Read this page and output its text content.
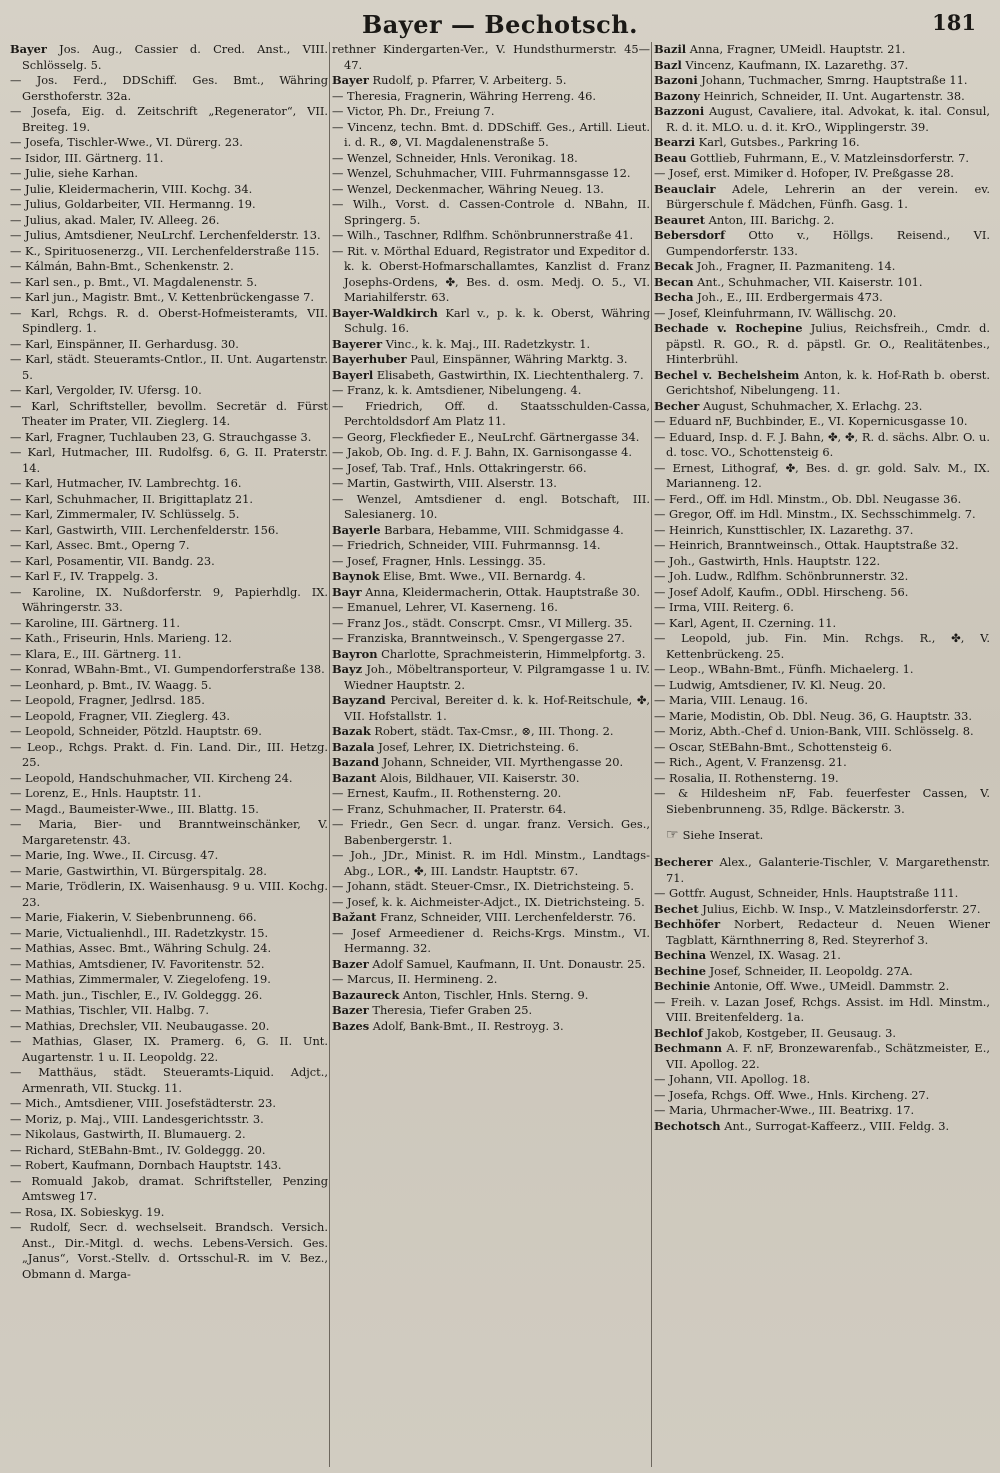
Bayer — Bechotsch.	181

Bayer Jos. Aug., Cassier d. Cred. Anst., VIII. Schlösselg. 5.

— Jos. Ferd., DDSchiff. Ges. Bmt., Währing Gersthoferstr. 32a.

— Josefa, Eig. d. Zeitschrift „Regenerator“, VII. Breiteg. 19.

— Josefa, Tischler-Wwe., VI. Dürerg. 23.

— Isidor, III. Gärtnerg. 11.

— Julie, siehe Karhan.

— Julie, Kleidermacherin, VIII. Kochg. 34.

— Julius, Goldarbeiter, VII. Hermanng. 19.

— Julius, akad. Maler, IV. Alleeg. 26.

— Julius, Amtsdiener, NeuLrchf. Lerchenfelderstr. 13.

— K., Spirituosenerzg., VII. Lerchenfelderstraße 115.

— Kálmán, Bahn-Bmt., Schenkenstr. 2.

— Karl sen., p. Bmt., VI. Magdalenenstr. 5.

— Karl jun., Magistr. Bmt., V. Kettenbrückengasse 7.

— Karl, Rchgs. R. d. Oberst-Hofmeisteramts, VII. Spindlerg. 1.

— Karl, Einspänner, II. Gerhardusg. 30.

— Karl, städt. Steueramts-Cntlor., II. Unt. Augartenstr. 5.

— Karl, Vergolder, IV. Ufersg. 10.

— Karl, Schriftsteller, bevollm. Secretär d. Fürst Theater im Prater, VII. Zieglerg. 14.

— Karl, Fragner, Tuchlauben 23, G. Strauchgasse 3.

— Karl, Hutmacher, III. Rudolfsg. 6, G. II. Praterstr. 14.

— Karl, Hutmacher, IV. Lambrechtg. 16.

— Karl, Schuhmacher, II. Brigittaplatz 21.

— Karl, Zimmermaler, IV. Schlüsselg. 5.

— Karl, Gastwirth, VIII. Lerchenfelderstr. 156.

— Karl, Assec. Bmt., Operng 7.

— Karl, Posamentir, VII. Bandg. 23.

— Karl F., IV. Trappelg. 3.

— Karoline, IX. Nußdorferstr. 9, Papierhdlg. IX. Währingerstr. 33.

— Karoline, III. Gärtnerg. 11.

— Kath., Friseurin, Hnls. Marieng. 12.

— Klara, E., III. Gärtnerg. 11.

— Konrad, WBahn-Bmt., VI. Gumpendorferstraße 138.

— Leonhard, p. Bmt., IV. Waagg. 5.

— Leopold, Fragner, Jedlrsd. 185.

— Leopold, Fragner, VII. Zieglerg. 43.

— Leopold, Schneider, Pötzld. Hauptstr. 69.

— Leop., Rchgs. Prakt. d. Fin. Land. Dir., III. Hetzg. 25.

— Leopold, Handschuhmacher, VII. Kircheng 24.

— Lorenz, E., Hnls. Hauptstr. 11.

— Magd., Baumeister-Wwe., III. Blattg. 15.

— Maria, Bier- und Branntweinschänker, V. Margaretenstr. 43.

— Marie, Ing. Wwe., II. Circusg. 47.

— Marie, Gastwirthin, VI. Bürgerspitalg. 28.

— Marie, Trödlerin, IX. Waisenhausg. 9 u. VIII. Kochg. 23.

— Marie, Fiakerin, V. Siebenbrunneng. 66.

— Marie, Victualienhdl., III. Radetzkystr. 15.

— Mathias, Assec. Bmt., Währing Schulg. 24.

— Mathias, Amtsdiener, IV. Favoritenstr. 52.

— Mathias, Zimmermaler, V. Ziegelofeng. 19.

— Math. jun., Tischler, E., IV. Goldeggg. 26.

— Mathias, Tischler, VII. Halbg. 7.

— Mathias, Drechsler, VII. Neubaugasse. 20.

— Mathias, Glaser, IX. Pramerg. 6, G. II. Unt. Augartenstr. 1 u. II. Leopoldg. 22.

— Matthäus, städt. Steueramts-Liquid. Adjct., Armenrath, VII. Stuckg. 11.

— Mich., Amtsdiener, VIII. Josefstädterstr. 23.

— Moriz, p. Maj., VIII. Landesgerichtsstr. 3.

— Nikolaus, Gastwirth, II. Blumauerg. 2.

— Richard, StEBahn-Bmt., IV. Goldeggg. 20.

— Robert, Kaufmann, Dornbach Hauptstr. 143.

— Romuald Jakob, dramat. Schriftsteller, Penzing Amtsweg 17.

— Rosa, IX. Sobieskyg. 19.

— Rudolf, Secr. d. wechselseit. Brandsch. Versich. Anst., Dir.-Mitgl. d. wechs. Lebens-Versich. Ges. „Janus“, Vorst.-Stellv. d. Ortsschul-R. im V. Bez., Obmann d. Marga-

rethner Kindergarten-Ver., V. Hundsthurmerstr. 45—47.

Bayer Rudolf, p. Pfarrer, V. Arbeiterg. 5.

— Theresia, Fragnerin, Währing Herreng. 46.

— Victor, Ph. Dr., Freiung 7.

— Vincenz, techn. Bmt. d. DDSchiff. Ges., Artill. Lieut. i. d. R., ⊗, VI. Magdalenenstraße 5.

— Wenzel, Schneider, Hnls. Veronikag. 18.

— Wenzel, Schuhmacher, VIII. Fuhrmannsgasse 12.

— Wenzel, Deckenmacher, Währing Neueg. 13.

— Wilh., Vorst. d. Cassen-Controle d. NBahn, II. Springerg. 5.

— Wilh., Taschner, Rdlfhm. Schönbrunnerstraße 41.

— Rit. v. Mörthal Eduard, Registrator und Expeditor d. k. k. Oberst-Hofmarschallamtes, Kanzlist d. Franz Josephs-Ordens, ✤, Bes. d. osm. Medj. O. 5., VI. Mariahilferstr. 63.

Bayer-Waldkirch Karl v., p. k. k. Oberst, Währing Schulg. 16.

Bayerer Vinc., k. k. Maj., III. Radetzkystr. 1.

Bayerhuber Paul, Einspänner, Währing Marktg. 3.

Bayerl Elisabeth, Gastwirthin, IX. Liechtenthalerg. 7.

— Franz, k. k. Amtsdiener, Nibelungeng. 4.

— Friedrich, Off. d. Staatsschulden-Cassa, Perchtoldsdorf Am Platz 11.

— Georg, Fleckfieder E., NeuLrchf. Gärtnergasse 34.

— Jakob, Ob. Ing. d. F. J. Bahn, IX. Garnisongasse 4.

— Josef, Tab. Traf., Hnls. Ottakringerstr. 66.

— Martin, Gastwirth, VIII. Alserstr. 13.

— Wenzel, Amtsdiener d. engl. Botschaft, III. Salesianerg. 10.

Bayerle Barbara, Hebamme, VIII. Schmidgasse 4.

— Friedrich, Schneider, VIII. Fuhrmannsg. 14.

— Josef, Fragner, Hnls. Lessingg. 35.

Baynok Elise, Bmt. Wwe., VII. Bernardg. 4.

Bayr Anna, Kleidermacherin, Ottak. Hauptstraße 30.

— Emanuel, Lehrer, VI. Kaserneng. 16.

— Franz Jos., städt. Conscrpt. Cmsr., VI Millerg. 35.

— Franziska, Branntweinsch., V. Spengergasse 27.

Bayron Charlotte, Sprachmeisterin, Himmelpfortg. 3.

Bayz Joh., Möbeltransporteur, V. Pilgramgasse 1 u. IV. Wiedner Hauptstr. 2.

Bayzand Percival, Bereiter d. k. k. Hof-Reitschule, ✤, VII. Hofstallstr. 1.

Bazak Robert, städt. Tax-Cmsr., ⊗, III. Thong. 2.

Bazala Josef, Lehrer, IX. Dietrichsteing. 6.

Bazand Johann, Schneider, VII. Myrthengasse 20.

Bazant Alois, Bildhauer, VII. Kaiserstr. 30.

— Ernest, Kaufm., II. Rothensterng. 20.

— Franz, Schuhmacher, II. Praterstr. 64.

— Friedr., Gen Secr. d. ungar. franz. Versich. Ges., Babenbergerstr. 1.

— Joh., JDr., Minist. R. im Hdl. Minstm., Landtags-Abg., LOR., ✤, III. Landstr. Hauptstr. 67.

— Johann, städt. Steuer-Cmsr., IX. Dietrichsteing. 5.

— Josef, k. k. Aichmeister-Adjct., IX. Dietrichsteing. 5.

Bažant Franz, Schneider, VIII. Lerchenfelderstr. 76.

— Josef Armeediener d. Reichs-Krgs. Minstm., VI. Hermanng. 32.

Bazer Adolf Samuel, Kaufmann, II. Unt. Donaustr. 25.

— Marcus, II. Hermineng. 2.

Bazaureck Anton, Tischler, Hnls. Sterng. 9.

Bazer Theresia, Tiefer Graben 25.

Bazes Adolf, Bank-Bmt., II. Restroyg. 3.

Bazil Anna, Fragner, UMeidl. Hauptstr. 21.

Bazl Vincenz, Kaufmann, IX. Lazarethg. 37.

Bazoni Johann, Tuchmacher, Smrng. Hauptstraße 11.

Bazony Heinrich, Schneider, II. Unt. Augartenstr. 38.

Bazzoni August, Cavaliere, ital. Advokat, k. ital. Consul, R. d. it. MLO. u. d. it. KrO., Wipplingerstr. 39.

Bearzi Karl, Gutsbes., Parkring 16.

Beau Gottlieb, Fuhrmann, E., V. Matzleinsdorferstr. 7.

— Josef, erst. Mimiker d. Hofoper, IV. Preßgasse 28.

Beauclair Adele, Lehrerin an der verein. ev. Bürgerschule f. Mädchen, Fünfh. Gasg. 1.

Beauret Anton, III. Barichg. 2.

Bebersdorf Otto v., Höllgs. Reisend., VI. Gumpendorferstr. 133.

Becak Joh., Fragner, II. Pazmaniteng. 14.

Becan Ant., Schuhmacher, VII. Kaiserstr. 101.

Becha Joh., E., III. Erdbergermais 473.

— Josef, Kleinfuhrmann, IV. Wällischg. 20.

Bechade v. Rochepine Julius, Reichsfreih., Cmdr. d. päpstl. R. GO., R. d. päpstl. Gr. O., Realitätenbes., Hinterbrühl.

Bechel v. Bechelsheim Anton, k. k. Hof-Rath b. oberst. Gerichtshof, Nibelungeng. 11.

Becher August, Schuhmacher, X. Erlachg. 23.

— Eduard nF, Buchbinder, E., VI. Kopernicusgasse 10.

— Eduard, Insp. d. F. J. Bahn, ✤, ✤, R. d. sächs. Albr. O. u. d. tosc. VO., Schottensteig 6.

— Ernest, Lithograf, ✤, Bes. d. gr. gold. Salv. M., IX. Marianneng. 12.

— Ferd., Off. im Hdl. Minstm., Ob. Dbl. Neugasse 36.

— Gregor, Off. im Hdl. Minstm., IX. Sechsschimmelg. 7.

— Heinrich, Kunsttischler, IX. Lazarethg. 37.

— Heinrich, Branntweinsch., Ottak. Hauptstraße 32.

— Joh., Gastwirth, Hnls. Hauptstr. 122.

— Joh. Ludw., Rdlfhm. Schönbrunnerstr. 32.

— Josef Adolf, Kaufm., ODbl. Hirscheng. 56.

— Irma, VIII. Reiterg. 6.

— Karl, Agent, II. Czerning. 11.

— Leopold, jub. Fin. Min. Rchgs. R., ✤, V. Kettenbrückeng. 25.

— Leop., WBahn-Bmt., Fünfh. Michaelerg. 1.

— Ludwig, Amtsdiener, IV. Kl. Neug. 20.

— Maria, VIII. Lenaug. 16.

— Marie, Modistin, Ob. Dbl. Neug. 36, G. Hauptstr. 33.

— Moriz, Abth.-Chef d. Union-Bank, VIII. Schlösselg. 8.

— Oscar, StEBahn-Bmt., Schottensteig 6.

— Rich., Agent, V. Franzensg. 21.

— Rosalia, II. Rothensterng. 19.

— & Hildesheim nF, Fab. feuerfester Cassen, V. Siebenbrunneng. 35, Rdlge. Bäckerstr. 3.

☞ Siehe Inserat.

Becherer Alex., Galanterie-Tischler, V. Margarethenstr. 71.

— Gottfr. August, Schneider, Hnls. Hauptstraße 111.

Bechet Julius, Eichb. W. Insp., V. Matzleinsdorferstr. 27.

Bechhöfer Norbert, Redacteur d. Neuen Wiener Tagblatt, Kärnthnerring 8, Red. Steyrerhof 3.

Bechina Wenzel, IX. Wasag. 21.

Bechine Josef, Schneider, II. Leopoldg. 27A.

Bechinie Antonie, Off. Wwe., UMeidl. Dammstr. 2.

— Freih. v. Lazan Josef, Rchgs. Assist. im Hdl. Minstm., VIII. Breitenfelderg. 1a.

Bechlof Jakob, Kostgeber, II. Geusaug. 3.

Bechmann A. F. nF, Bronzewarenfab., Schätzmeister, E., VII. Apollog. 22.

— Johann, VII. Apollog. 18.

— Josefa, Rchgs. Off. Wwe., Hnls. Kircheng. 27.

— Maria, Uhrmacher-Wwe., III. Beatrixg. 17.

Bechotsch Ant., Surrogat-Kaffeerz., VIII. Feldg. 3.
